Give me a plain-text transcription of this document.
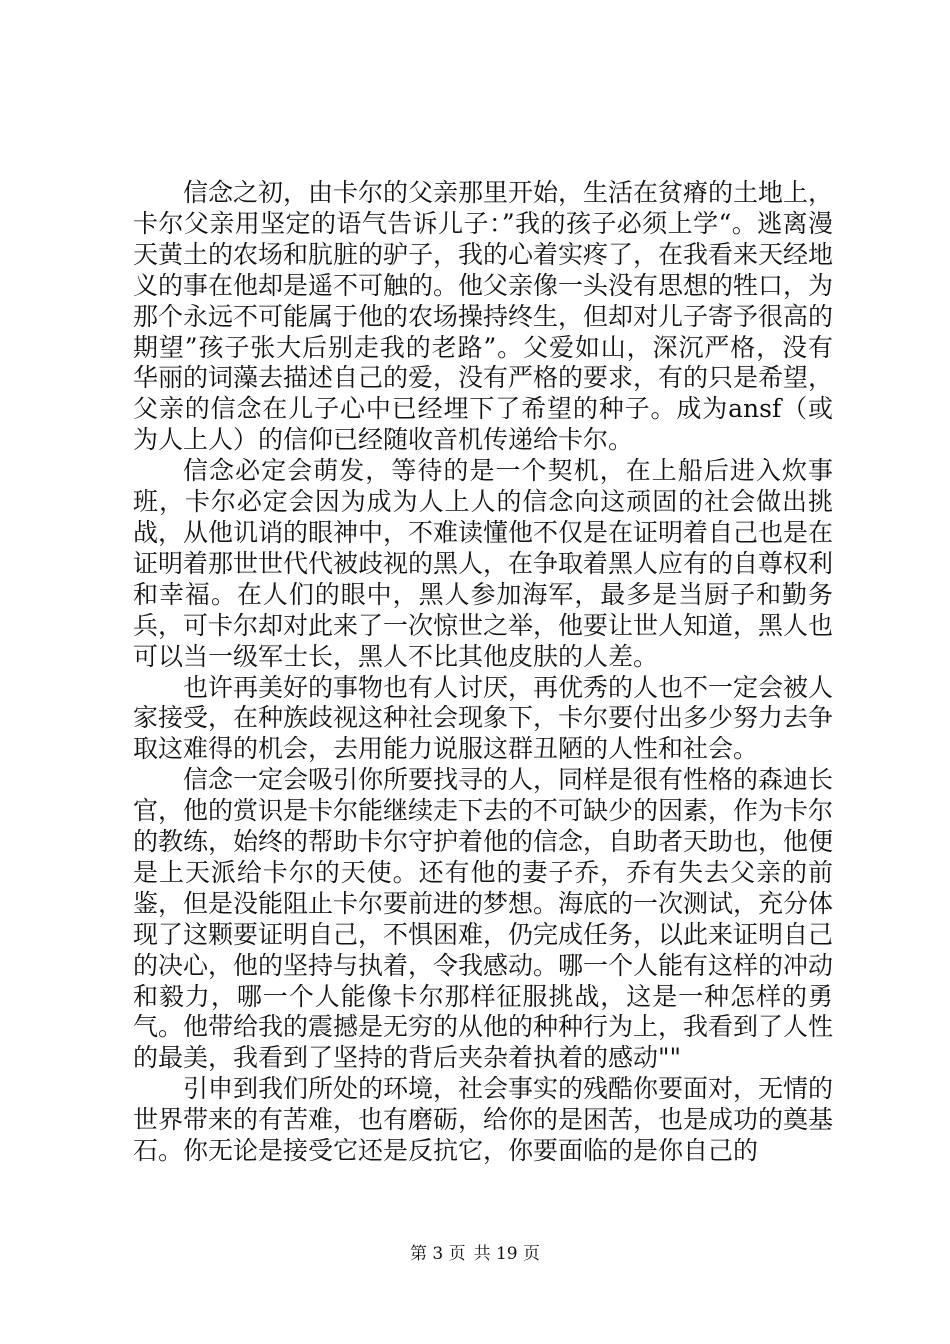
信念之初，由卡尔的父亲那里开始，生活在贫瘠的土地上，卡尔父亲用坚定的语气告诉儿子：”我的孩子必须上学“。逃离漫天黄土的农场和肮脏的驴子，我的心着实疼了，在我看来天经地义的事在他却是遥不可触的。他父亲像一头没有思想的牲口，为那个永远不可能属于他的农场操持终生，但却对儿子寄予很高的期望”孩子张大后别走我的老路”。父爱如山，深沉严格，没有华丽的词藻去描述自己的爱，没有严格的要求，有的只是希望，父亲的信念在儿子心中已经埋下了希望的种子。成为ansf（或为人上人）的信仰已经随收音机传递给卡尔。

信念必定会萌发，等待的是一个契机，在上船后进入炊事班，卡尔必定会因为成为人上人的信念向这顽固的社会做出挑战，从他讥诮的眼神中，不难读懂他不仅是在证明着自己也是在证明着那世世代代被歧视的黑人，在争取着黑人应有的自尊权利和幸福。在人们的眼中，黑人参加海军，最多是当厨子和勤务兵，可卡尔却对此来了一次惊世之举，他要让世人知道，黑人也可以当一级军士长，黑人不比其他皮肤的人差。

也许再美好的事物也有人讨厌，再优秀的人也不一定会被人家接受，在种族歧视这种社会现象下，卡尔要付出多少努力去争取这难得的机会，去用能力说服这群丑陋的人性和社会。

信念一定会吸引你所要找寻的人，同样是很有性格的森迪长官，他的赏识是卡尔能继续走下去的不可缺少的因素，作为卡尔的教练，始终的帮助卡尔守护着他的信念，自助者天助也，他便是上天派给卡尔的天使。还有他的妻子乔，乔有失去父亲的前鉴，但是没能阻止卡尔要前进的梦想。海底的一次测试，充分体现了这颗要证明自己，不惧困难，仍完成任务，以此来证明自己的决心，他的坚持与执着，令我感动。哪一个人能有这样的冲动和毅力，哪一个人能像卡尔那样征服挑战，这是一种怎样的勇气。他带给我的震撼是无穷的从他的种种行为上，我看到了人性的最美，我看到了坚持的背后夹杂着执着的感动""

引申到我们所处的环境，社会事实的残酷你要面对，无情的世界带来的有苦难，也有磨砺，给你的是困苦，也是成功的奠基石。你无论是接受它还是反抗它，你要面临的是你自己的

第 3 页 共 19 页
